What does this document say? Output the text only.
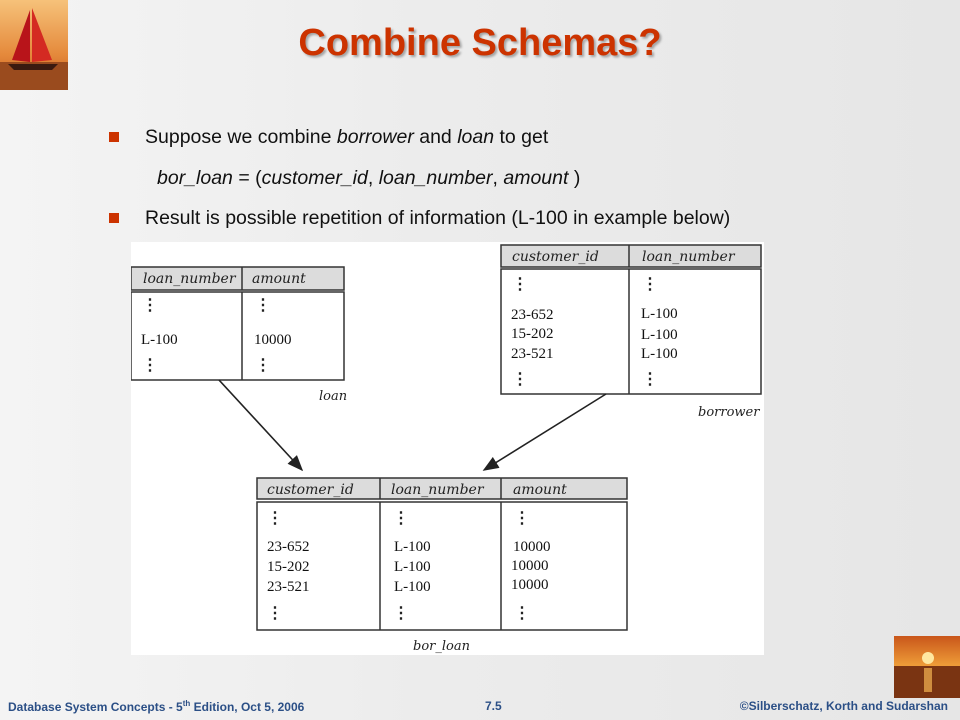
Combine Schemas?
Suppose we combine borrower and loan to get
bor_loan = (customer_id, loan_number, amount )
Result is possible repetition of information (L-100 in example below)
loan_number amount
⋮	⋮
L-100	10000
⋮	⋮
loan
customer_id	loan_number
⋮	⋮
23-652	L-100
15-202	L-100
23-521	L-100
⋮	⋮
borrower
customer_id	loan_number amount
⋮	⋮	⋮
23-652	L-100	10000
15-202	L-100	10000
23-521	L-100	10000
⋮	⋮	⋮
bor_loan
Database System Concepts - 5th Edition, Oct 5, 2006	7.5	©Silberschatz, Korth and Sudarshan
